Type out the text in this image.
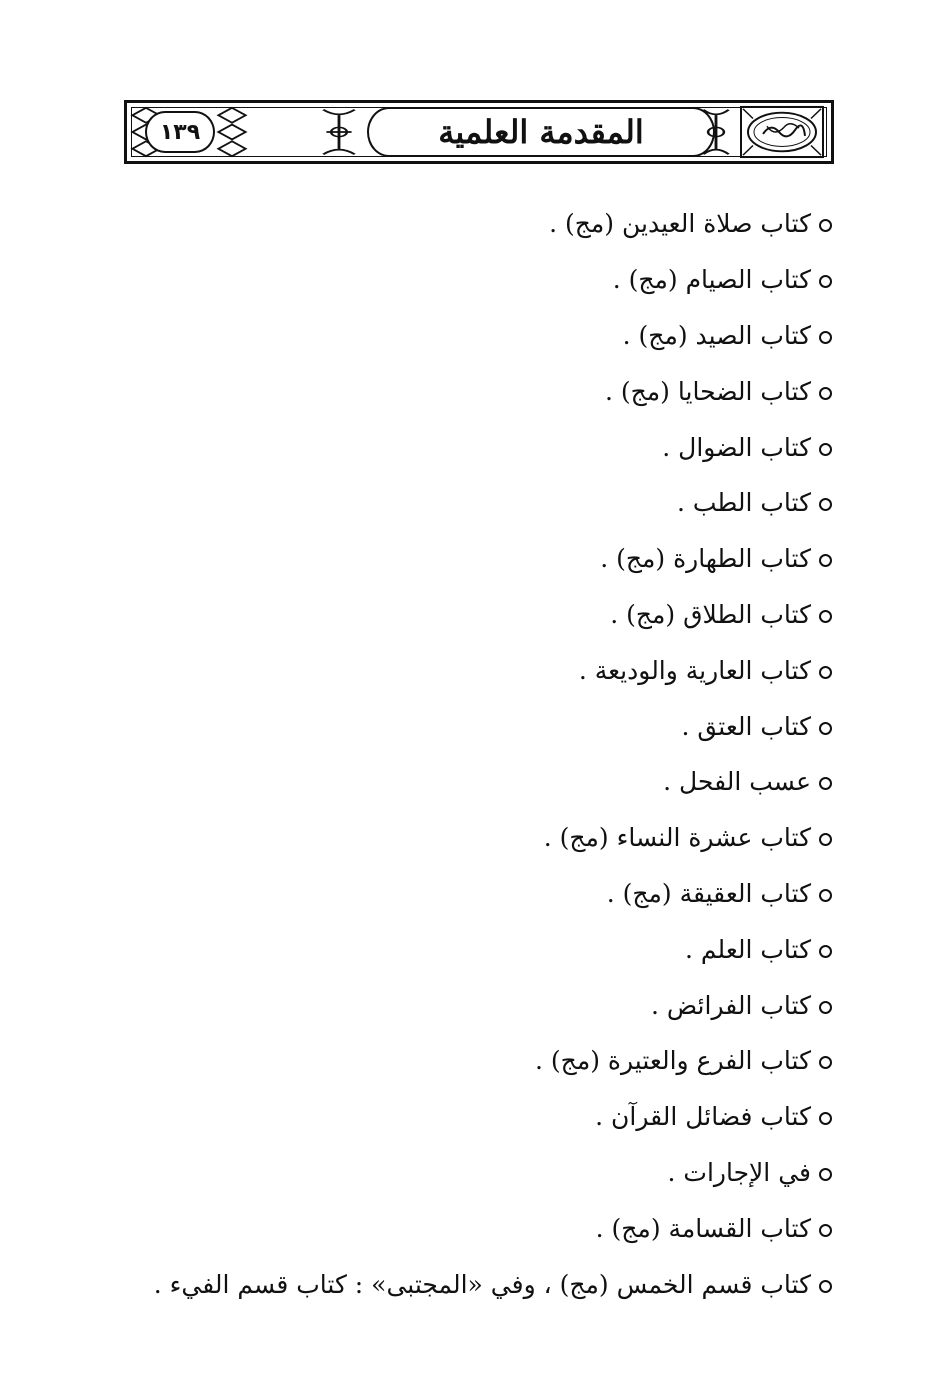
١٣٩	المقدمة العلمية
كتاب صلاة العيدين (مج) .
كتاب الصيام (مج) .
كتاب الصيد (مج) .
كتاب الضحايا (مج) .
كتاب الضوال .
كتاب الطب .
كتاب الطهارة (مج) .
كتاب الطلاق (مج) .
كتاب العارية والوديعة .
كتاب العتق .
عسب الفحل .
كتاب عشرة النساء (مج) .
كتاب العقيقة (مج) .
كتاب العلم .
كتاب الفرائض .
كتاب الفرع والعتيرة (مج) .
كتاب فضائل القرآن .
في الإجارات .
كتاب القسامة (مج) .
كتاب قسم الخمس (مج) ، وفي «المجتبى» : كتاب قسم الفيء .
